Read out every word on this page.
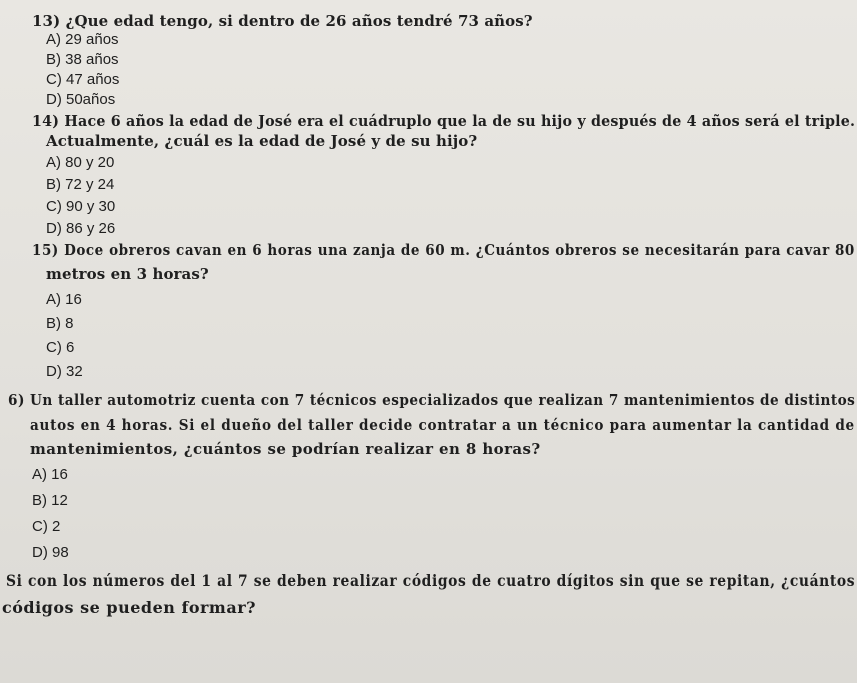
13) ¿Que edad tengo, si dentro de 26 años tendré 73 años?
A) 29 años
B) 38 años
C) 47 años
D) 50años
14) Hace 6 años la edad de José era el cuádruplo que la de su hijo y después de 4 años será el triple.
Actualmente, ¿cuál es la edad de José y de su hijo?
A) 80 y 20
B) 72 y 24
C) 90 y 30
D) 86 y 26
15) Doce obreros cavan en 6 horas una zanja de 60 m. ¿Cuántos obreros se necesitarán para cavar 80
metros en 3 horas?
A) 16
B) 8
C) 6
D) 32
6) Un taller automotriz cuenta con 7 técnicos especializados que realizan 7 mantenimientos de distintos
autos en 4 horas. Si el dueño del taller decide contratar a un técnico para aumentar la cantidad de
mantenimientos, ¿cuántos se podrían realizar en 8 horas?
A) 16
B) 12
C) 2
D) 98
Si con los números del 1 al 7 se deben realizar códigos de cuatro dígitos sin que se repitan, ¿cuántos
códigos se pueden formar?
